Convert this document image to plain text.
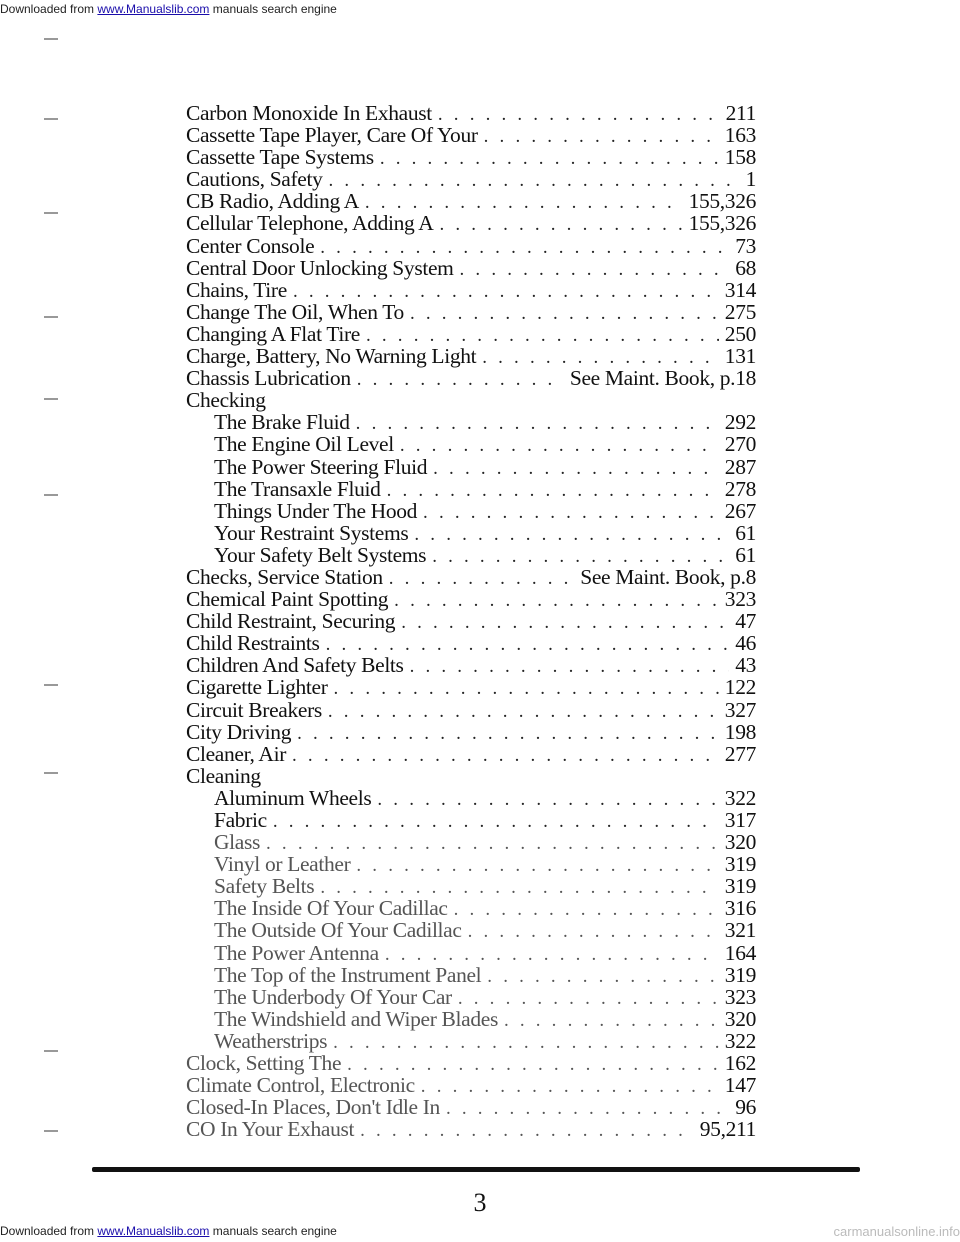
Downloaded from www.Manualslib.com manuals search engine
Carbon Monoxide In Exhaust . . .	211
Cassette Tape Player, Care Of Your . . .	163
Cassette Tape Systems . . .	158
Cautions, Safety . . .	1
CB Radio, Adding A . . .	155,326
Cellular Telephone, Adding A . . .	155,326
Center Console . . .	73
Central Door Unlocking System . . .	68
Chains, Tire . . .	314
Change The Oil, When To . . .	275
Changing A Flat Tire . . .	250
Charge, Battery, No Warning Light . . .	131
Chassis Lubrication . . .	See Maint. Book, p.18
Checking
The Brake Fluid . . .	292
The Engine Oil Level . . .	270
The Power Steering Fluid . . .	287
The Transaxle Fluid . . .	278
Things Under The Hood . . .	267
Your Restraint Systems . . .	61
Your Safety Belt Systems . . .	61
Checks, Service Station . . .	See Maint. Book, p.8
Chemical Paint Spotting . . .	323
Child Restraint, Securing . . .	47
Child Restraints . . .	46
Children And Safety Belts . . .	43
Cigarette Lighter . . .	122
Circuit Breakers . . .	327
City Driving . . .	198
Cleaner, Air . . .	277
Cleaning
Aluminum Wheels . . .	322
Fabric . . .	317
Glass . . .	320
Vinyl or Leather . . .	319
Safety Belts . . .	319
The Inside Of Your Cadillac . . .	316
The Outside Of Your Cadillac . . .	321
The Power Antenna . . .	164
The Top of the Instrument Panel . . .	319
The Underbody Of Your Car . . .	323
The Windshield and Wiper Blades . . .	320
Weatherstrips . . .	322
Clock, Setting The . . .	162
Climate Control, Electronic . . .	147
Closed-In Places, Don't Idle In . . .	96
CO In Your Exhaust . . .	95,211
3
Downloaded from www.Manualslib.com manuals search engine	carmanualsonline.info
